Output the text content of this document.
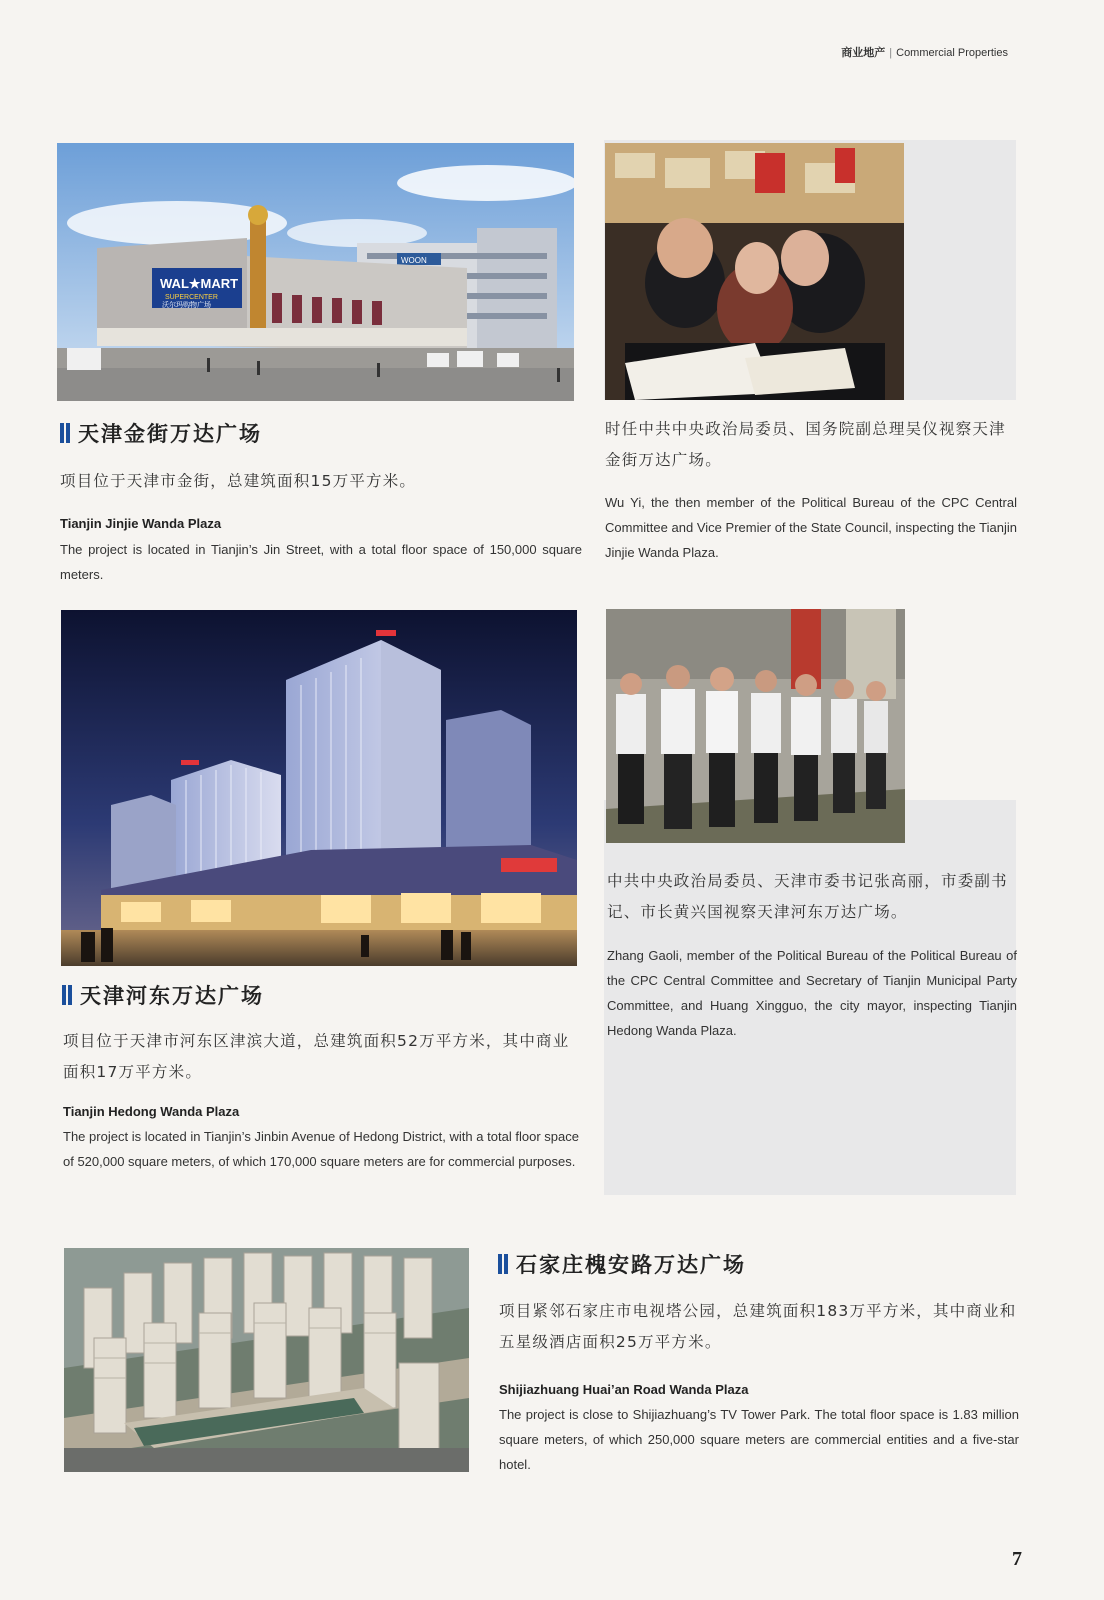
商业地产 | Commercial Properties
WOON
WAL★MART
SUPERCENTER
沃尔玛购物广场
天津金街万达广场
项目位于天津市金街，总建筑面积15万平方米。
Tianjin Jinjie Wanda Plaza
The project is located in Tianjin’s Jin Street, with a total floor space of 150,000 square meters.
时任中共中央政治局委员、国务院副总理吴仪视察天津金街万达广场。
Wu Yi, the then member of the Political Bureau of the CPC Central Committee and Vice Premier of the State Council, inspecting the Tianjin Jinjie Wanda Plaza.
天津河东万达广场
项目位于天津市河东区津滨大道，总建筑面积52万平方米，其中商业面积17万平方米。
Tianjin Hedong Wanda Plaza
The project is located in Tianjin’s Jinbin Avenue of Hedong District, with a total floor space of 520,000 square meters, of which 170,000 square meters are for commercial purposes.
中共中央政治局委员、天津市委书记张高丽，市委副书记、市长黄兴国视察天津河东万达广场。
Zhang Gaoli, member of the Political Bureau of the Political Bureau of the CPC Central Committee and Secretary of Tianjin Municipal Party Committee, and Huang Xingguo, the city mayor, inspecting Tianjin Hedong Wanda Plaza.
石家庄槐安路万达广场
项目紧邻石家庄市电视塔公园，总建筑面积183万平方米，其中商业和五星级酒店面积25万平方米。
Shijiazhuang Huai’an Road Wanda Plaza
The project is close to Shijiazhuang’s TV Tower Park. The total floor space is 1.83 million square meters, of which 250,000 square meters are commercial entities and a five-star hotel.
7
